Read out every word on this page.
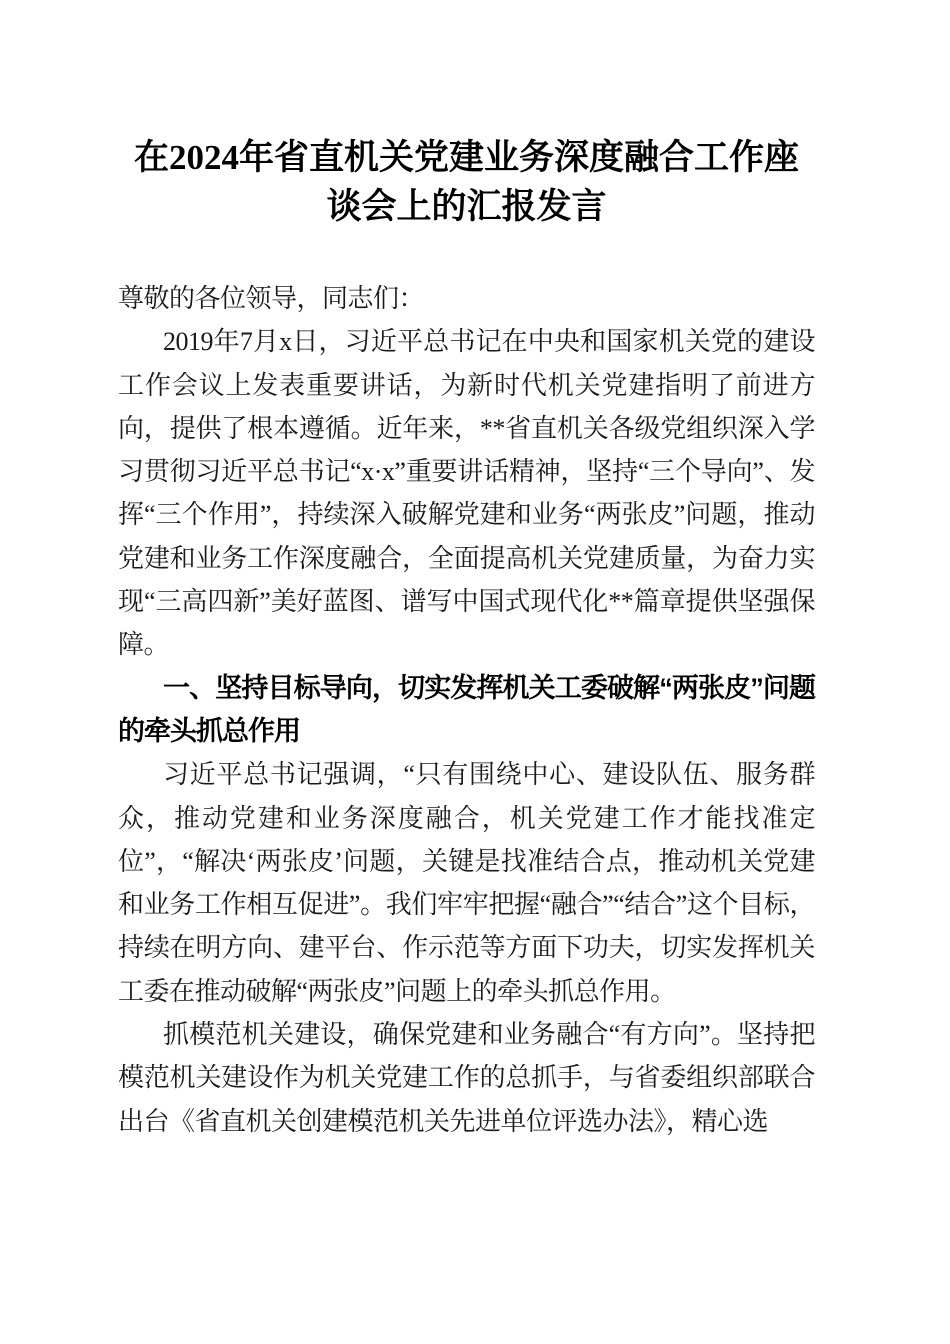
在2024年省直机关党建业务深度融合工作座谈会上的汇报发言

尊敬的各位领导，同志们：

2019年7月x日，习近平总书记在中央和国家机关党的建设工作会议上发表重要讲话，为新时代机关党建指明了前进方向，提供了根本遵循。近年来，**省直机关各级党组织深入学习贯彻习近平总书记“x·x”重要讲话精神，坚持“三个导向”、发挥“三个作用”，持续深入破解党建和业务“两张皮”问题，推动党建和业务工作深度融合，全面提高机关党建质量，为奋力实现“三高四新”美好蓝图、谱写中国式现代化**篇章提供坚强保障。

一、坚持目标导向，切实发挥机关工委破解“两张皮”问题的牵头抓总作用

习近平总书记强调，“只有围绕中心、建设队伍、服务群众，推动党建和业务深度融合，机关党建工作才能找准定位”，“解决‘两张皮’问题，关键是找准结合点，推动机关党建和业务工作相互促进”。我们牢牢把握“融合”“结合”这个目标，持续在明方向、建平台、作示范等方面下功夫，切实发挥机关工委在推动破解“两张皮”问题上的牵头抓总作用。

抓模范机关建设，确保党建和业务融合“有方向”。坚持把模范机关建设作为机关党建工作的总抓手，与省委组织部联合出台《省直机关创建模范机关先进单位评选办法》，精心选
